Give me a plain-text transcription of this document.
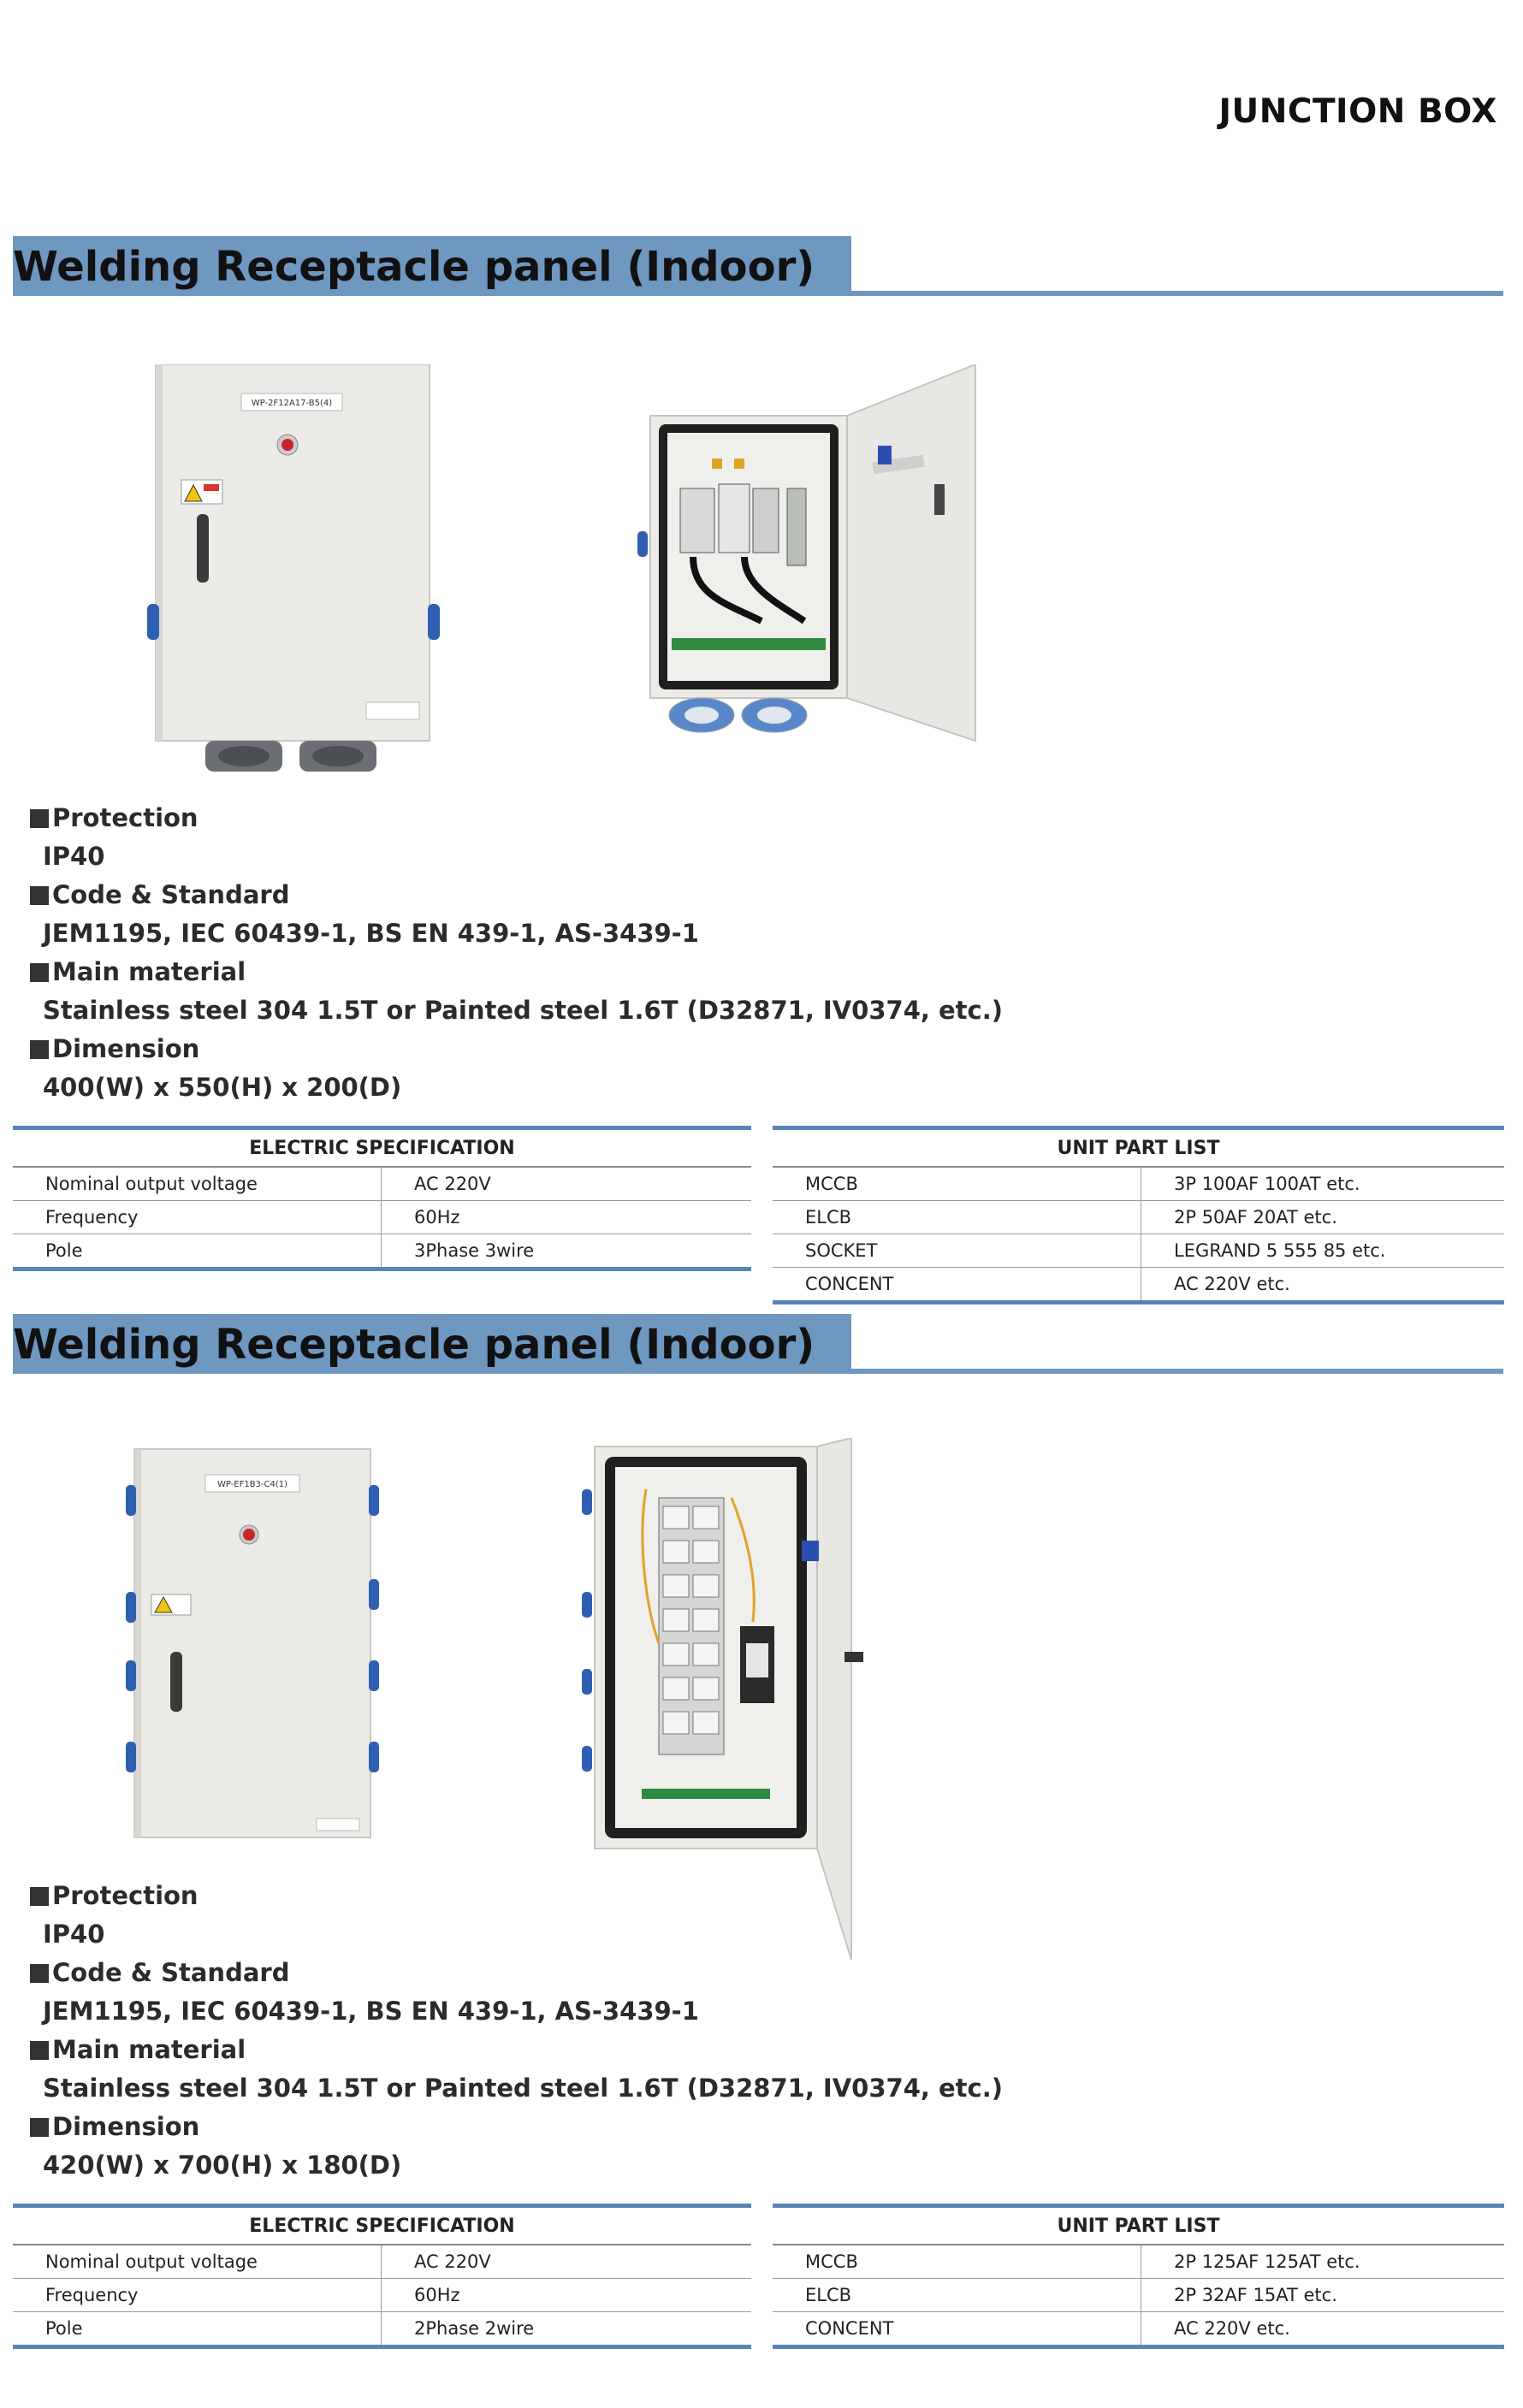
JUNCTION BOX
Welding Receptacle panel (Indoor)
WP-2F12A17-B5(4)
Protection
IP40
Code & Standard
JEM1195, IEC 60439-1, BS EN 439-1, AS-3439-1
Main material
Stainless steel 304 1.5T or Painted steel 1.6T (D32871, IV0374, etc.)
Dimension
400(W) x 550(H) x 200(D)
ELECTRIC SPECIFICATION	
Nominal output voltage	AC 220V
Frequency	60Hz
Pole	3Phase 3wire
UNIT PART LIST	
MCCB	3P 100AF 100AT etc.
ELCB	2P 50AF 20AT etc.
SOCKET	LEGRAND 5 555 85 etc.
CONCENT	AC 220V etc.
Welding Receptacle panel (Indoor)
WP-EF1B3-C4(1)
Protection
IP40
Code & Standard
JEM1195, IEC 60439-1, BS EN 439-1, AS-3439-1
Main material
Stainless steel 304 1.5T or Painted steel 1.6T (D32871, IV0374, etc.)
Dimension
420(W) x 700(H) x 180(D)
ELECTRIC SPECIFICATION	
Nominal output voltage	AC 220V
Frequency	60Hz
Pole	2Phase 2wire
UNIT PART LIST	
MCCB	2P 125AF 125AT etc.
ELCB	2P 32AF 15AT etc.
CONCENT	AC 220V etc.
